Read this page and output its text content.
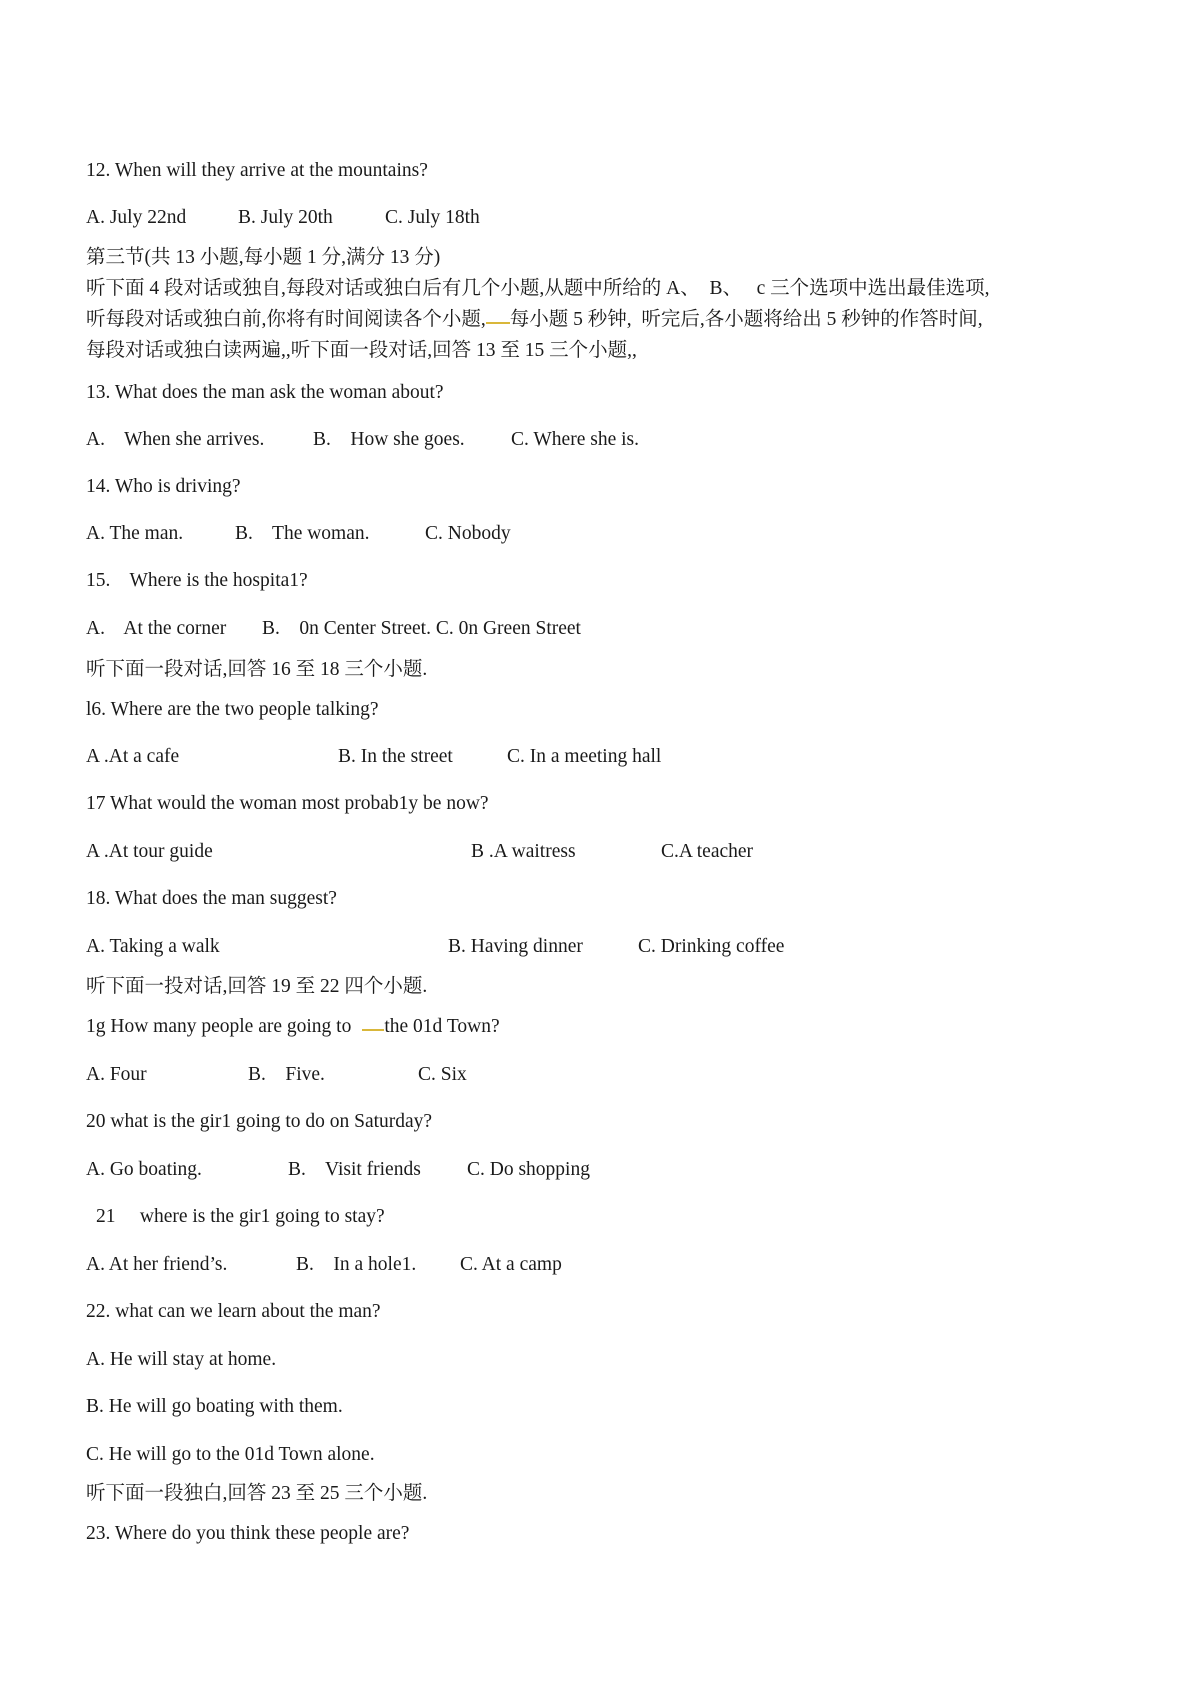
12. When will they arrive at the mountains?
A. July 22nd	B. July 20th	C. July 18th
第三节(共 13 小题,每小题 1 分,满分 13 分)
听下面 4 段对话或独自,每段对话或独白后有几个小题,从题中所给的 A、  B、   c 三个选项中选出最佳选项,
听每段对话或独白前,你将有时间阅读各个小题, 每小题 5 秒钟,  听完后,各小题将给出 5 秒钟的作答时间,
每段对话或独白读两遍,,听下面一段对话,回答 13 至 15 三个小题,,
13. What does the man ask the woman about?
A.    When she arrives. B.    How she goes. C. Where she is.
14. Who is driving?
A. The man.	B.    The woman.	C. Nobody
15.    Where is the hospita1?
A.    At the corner B.    0n Center Street. C. 0n Green Street
听下面一段对话,回答 16 至 18 三个小题.
l6. Where are the two people talking?
A .At a cafe	B. In the street	C. In a meeting hall
17 What would the woman most probab1y be now?
A .At tour guide	B .A waitress	C.A teacher
18. What does the man suggest?
A. Taking a walk	B. Having dinner	C. Drinking coffee
听下面一投对话,回答 19 至 22 四个小题.
1g How many people are going to the 01d Town?
A. Four	B.    Five.	C. Six
20 what is the gir1 going to do on Saturday?
A. Go boating.	B.    Visit friends C. Do shopping
21     where is the gir1 going to stay?
A. At her friend’s.	B.    In a hole1. C. At a camp
22. what can we learn about the man?
A. He will stay at home.
B. He will go boating with them.
C. He will go to the 01d Town alone.
听下面一段独白,回答 23 至 25 三个小题.
23. Where do you think these people are?
